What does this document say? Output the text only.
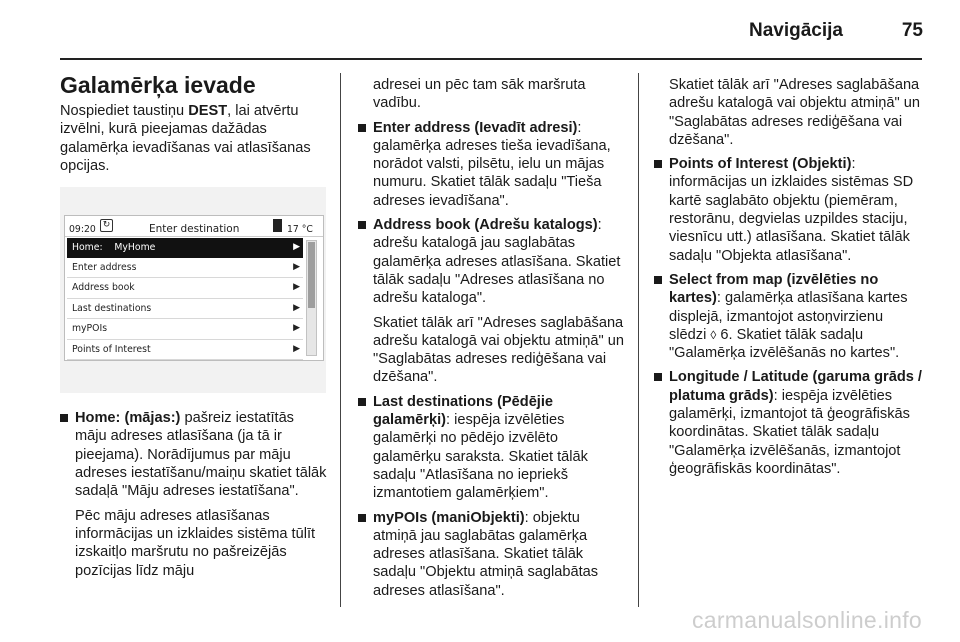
Navigācija	75
Galamērķa ievade

Nospiediet taustiņu DEST, lai atvērtu izvēlni, kurā pieejamas dažādas galamērķa ievadīšanas vai atlasīšanas opcijas.

09:20 ↻	Enter destination	17 °C
Home:    MyHome	▶
Enter address	▶
Address book	▶
Last destinations	▶
myPOIs	▶
Points of Interest	▶
Home: (mājas:) pašreiz iestatītās māju adreses atlasīšana (ja tā ir pieejama). Norādījumus par māju adreses iestatīšanu/maiņu skatiet tālāk sadaļā "Māju adreses iestatīšana".

Pēc māju adreses atlasīšanas informācijas un izklaides sistēma tūlīt izskaitļo maršrutu no pašreizējās pozīcijas līdz māju

adresei un pēc tam sāk maršruta vadību.

Enter address (Ievadīt adresi): galamērķa adreses tieša ievadīšana, norādot valsti, pilsētu, ielu un mājas numuru. Skatiet tālāk sadaļu "Tieša adreses ievadīšana".
Address book (Adrešu katalogs): adrešu katalogā jau saglabātas galamērķa adreses atlasīšana. Skatiet tālāk sadaļu "Adreses atlasīšana no adrešu kataloga".

Skatiet tālāk arī "Adreses saglabāšana adrešu katalogā vai objektu atmiņā" un "Saglabātas adreses rediģēšana vai dzēšana".

Last destinations (Pēdējie galamērķi): iespēja izvēlēties galamērķi no pēdējo izvēlēto galamērķu saraksta. Skatiet tālāk sadaļu "Atlasīšana no iepriekš izmantotiem galamērķiem".
myPOIs (maniObjekti): objektu atmiņā jau saglabātas galamērķa adreses atlasīšana. Skatiet tālāk sadaļu "Objektu atmiņā saglabātas adreses atlasīšana".

Skatiet tālāk arī "Adreses saglabāšana adrešu katalogā vai objektu atmiņā" un "Saglabātas adreses rediģēšana vai dzēšana".

Points of Interest (Objekti): informācijas un izklaides sistēmas SD kartē saglabāto objektu (piemēram, restorānu, degvielas uzpildes staciju, viesnīcu utt.) atlasīšana. Skatiet tālāk sadaļu "Objekta atlasīšana".
Select from map (izvēlēties no kartes): galamērķa atlasīšana kartes displejā, izmantojot astoņvirzienu slēdzi ◊ 6. Skatiet tālāk sadaļu "Galamērķa izvēlēšanās no kartes".
Longitude / Latitude (garuma grāds / platuma grāds): iespēja izvēlēties galamērķi, izmantojot tā ģeogrāfiskās koordinātas. Skatiet tālāk sadaļu "Galamērķa izvēlēšanās, izmantojot ģeogrāfiskās koordinātas".
carmanualsonline.info
